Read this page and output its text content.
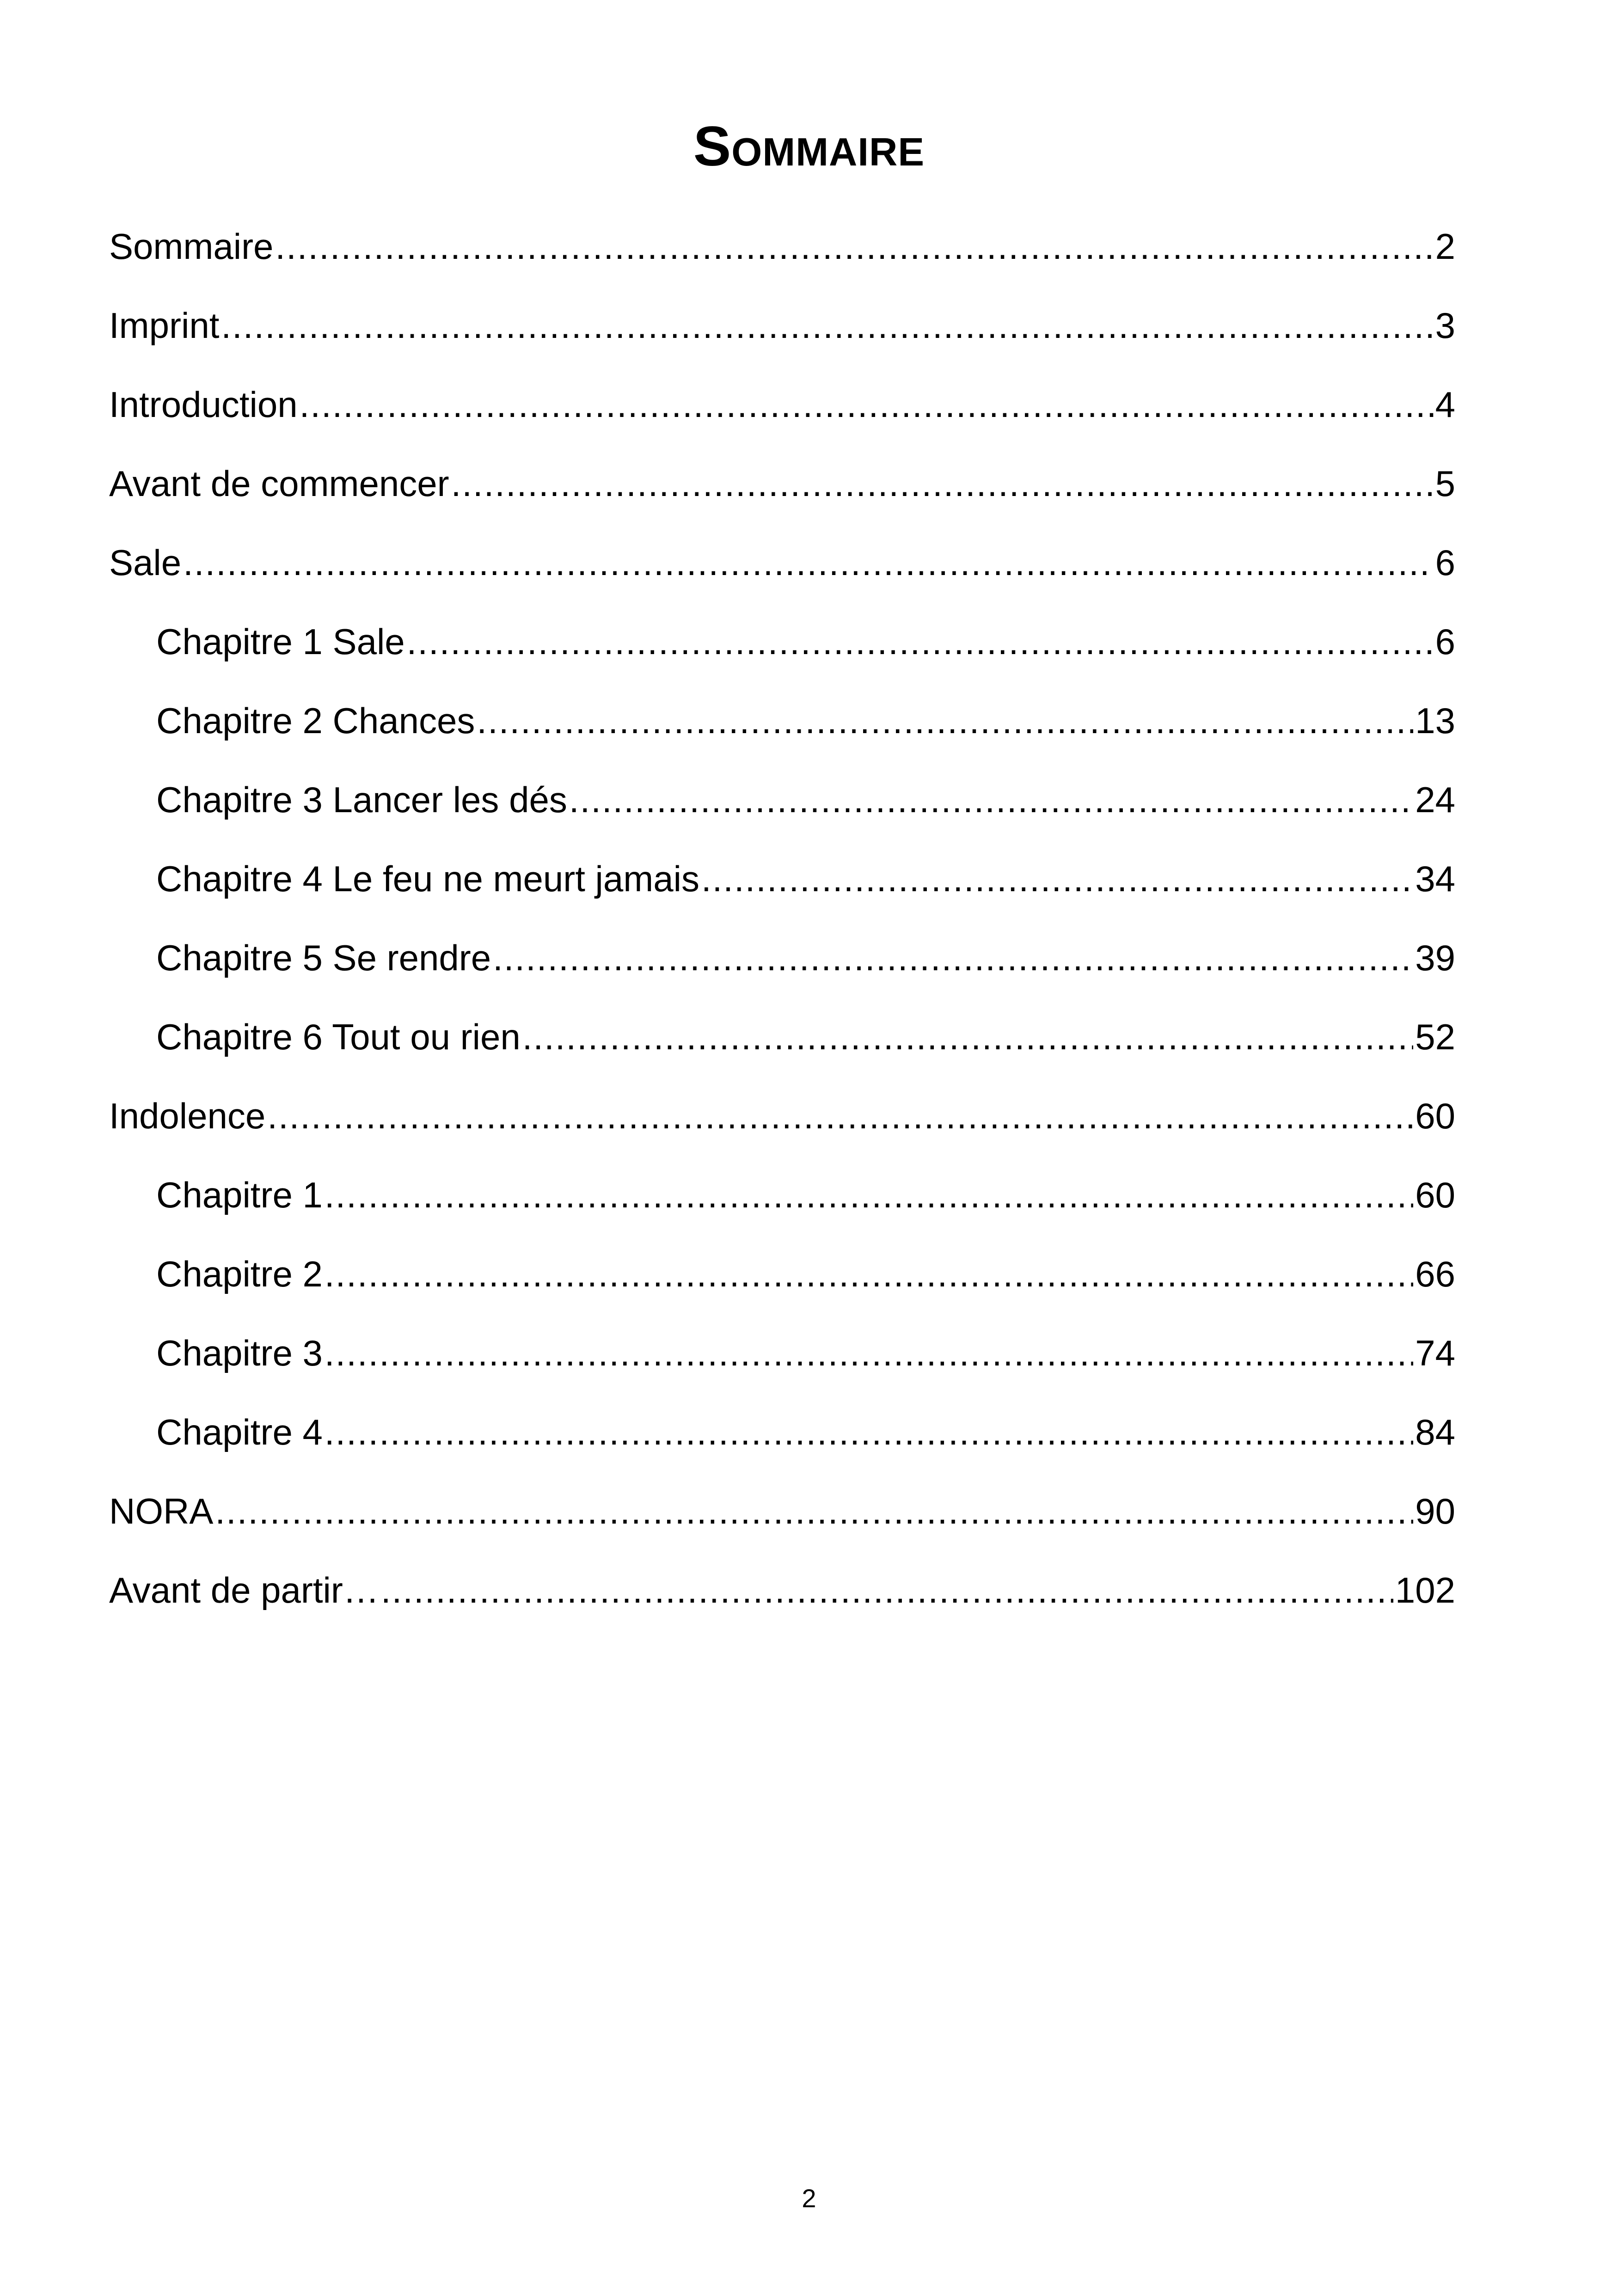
Sommaire
Sommaire .....	2
Imprint .....	3
Introduction .....	4
Avant de commencer .....	5
Sale .....	6
Chapitre 1 Sale .....	6
Chapitre 2 Chances .....	13
Chapitre 3 Lancer les dés .....	24
Chapitre 4 Le feu ne meurt jamais .....	34
Chapitre 5 Se rendre .....	39
Chapitre 6 Tout ou rien .....	52
Indolence .....	60
Chapitre 1 .....	60
Chapitre 2 .....	66
Chapitre 3 .....	74
Chapitre 4 .....	84
NORA .....	90
Avant de partir… .....	102
2
